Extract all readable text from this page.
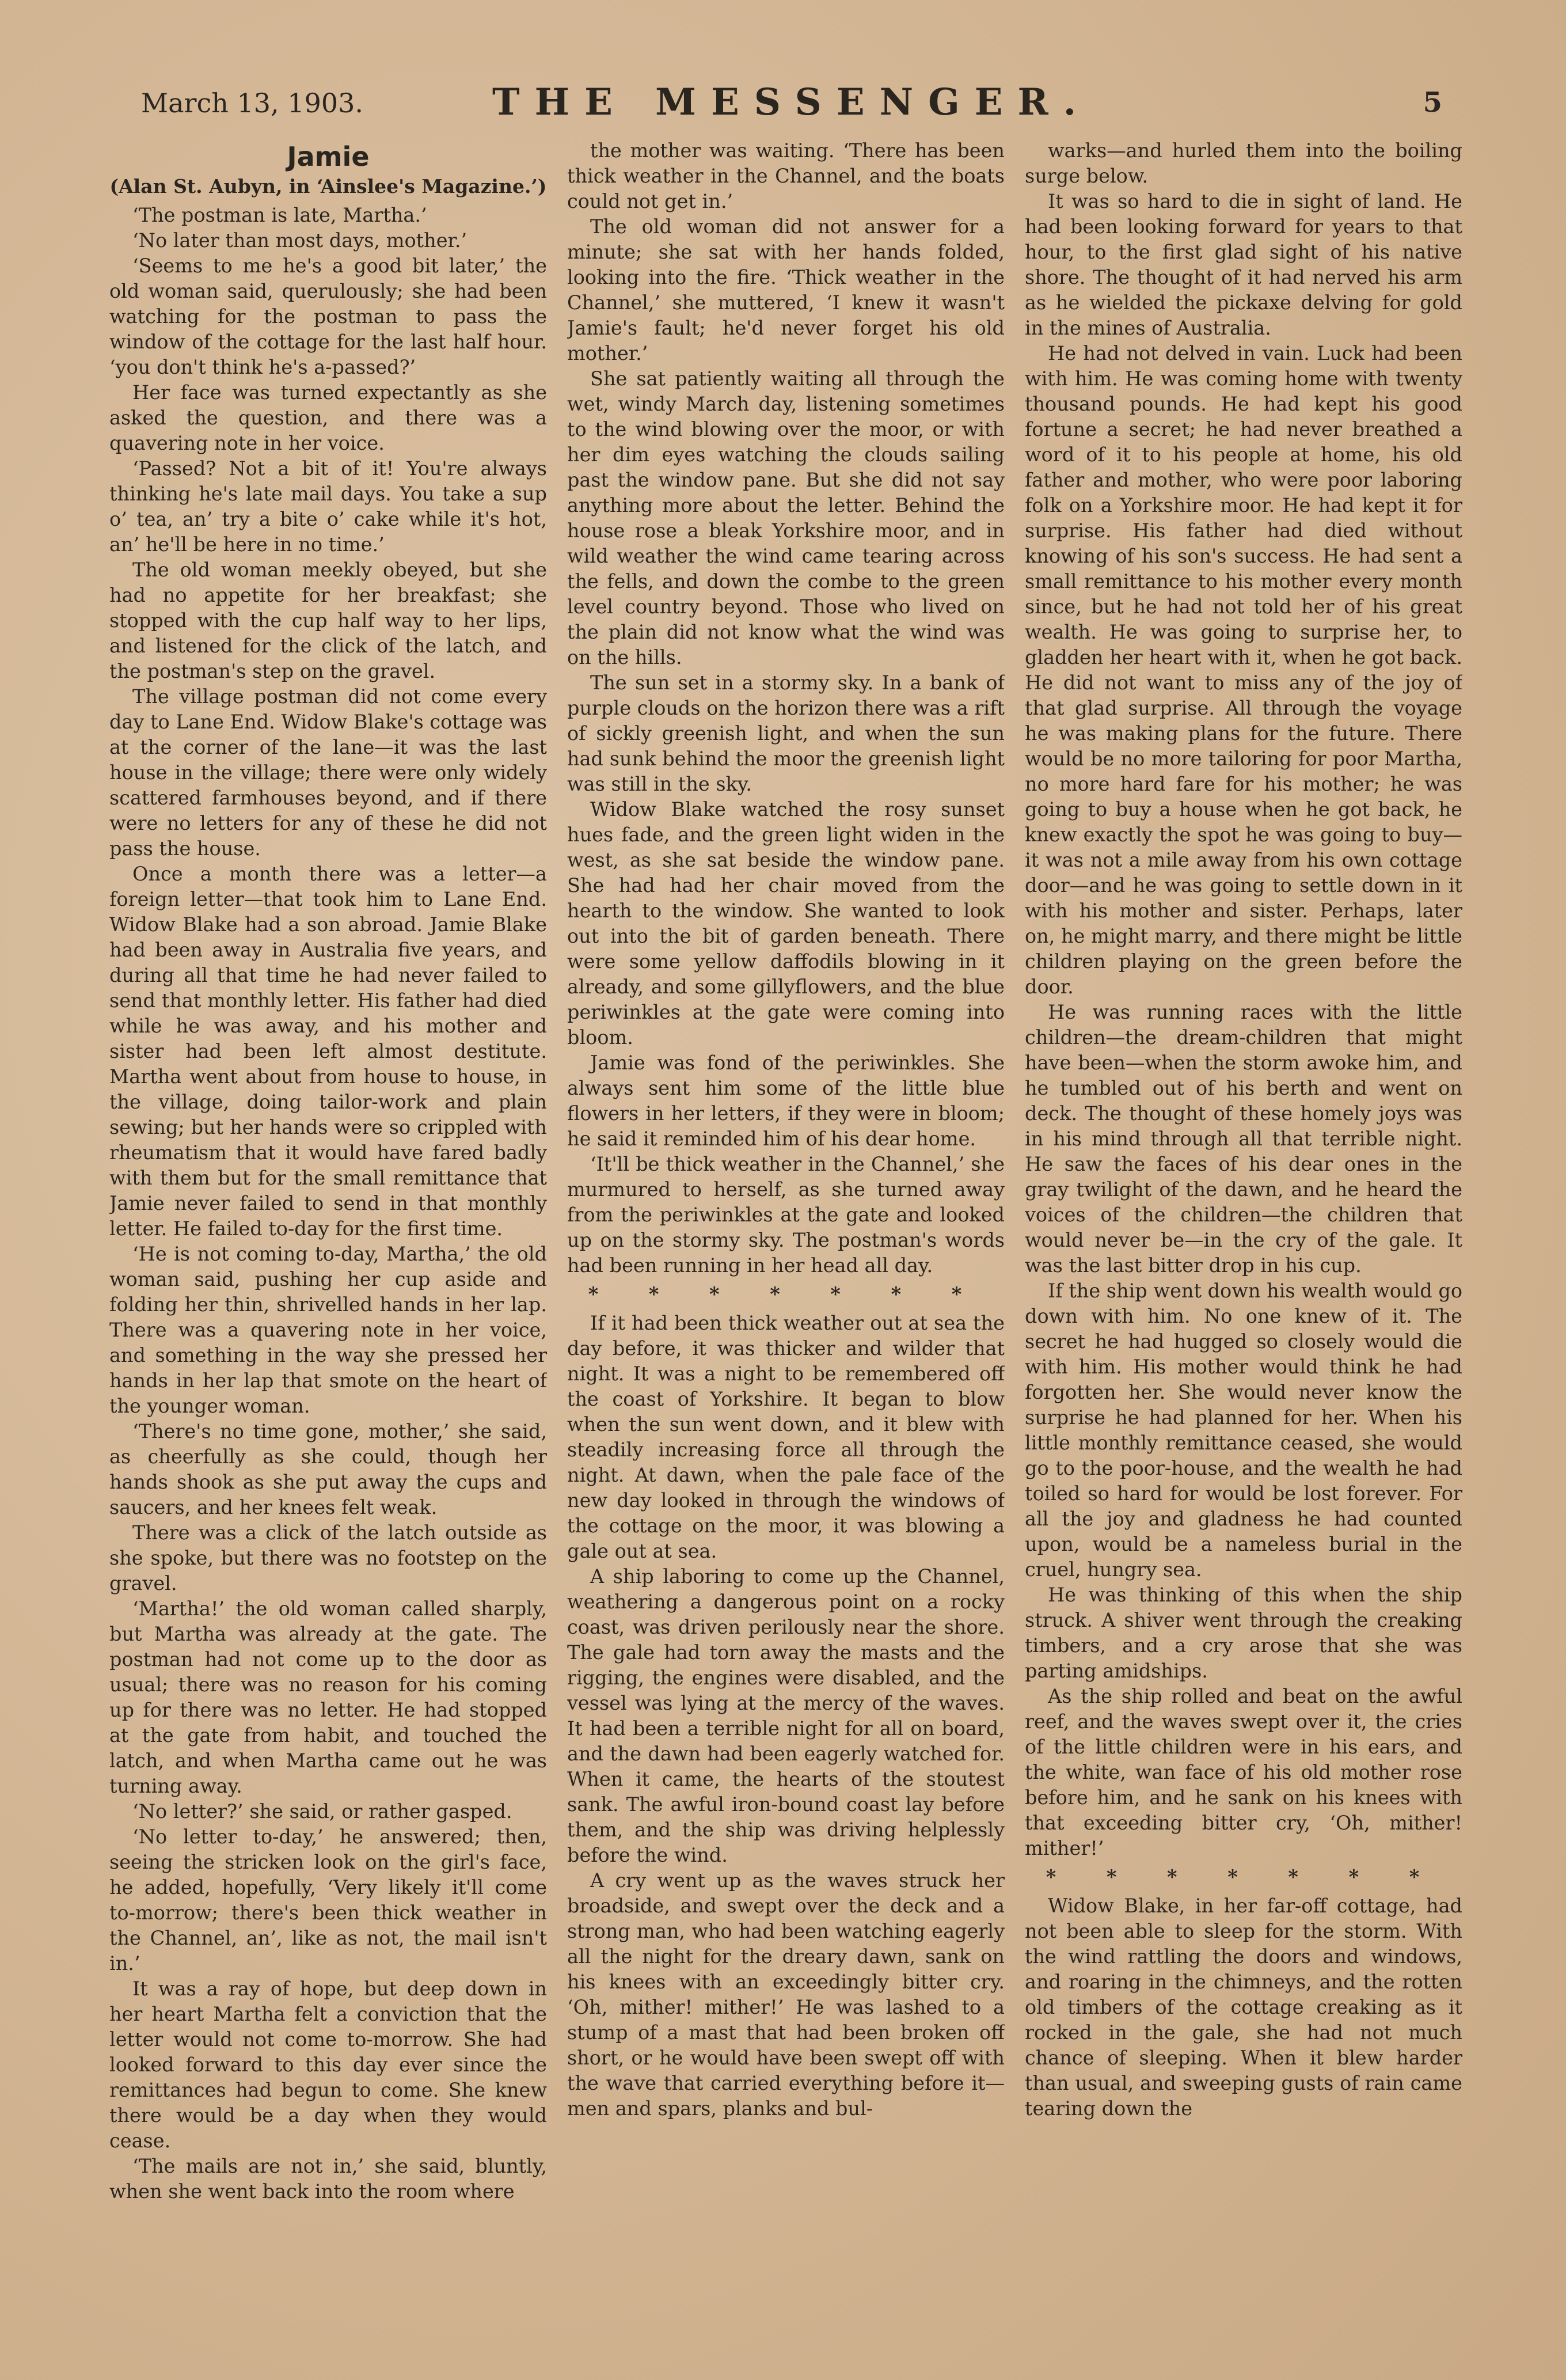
March 13, 1903.	THE MESSENGER.	5
Jamie
(Alan St. Aubyn, in ‘Ainslee's Magazine.’)

‘The postman is late, Martha.’

‘No later than most days, mother.’

‘Seems to me he's a good bit later,’ the old woman said, querulously; she had been watching for the postman to pass the window of the cottage for the last half hour. ‘you don't think he's a-passed?’

Her face was turned expectantly as she asked the question, and there was a quavering note in her voice.

‘Passed? Not a bit of it! You're always thinking he's late mail days. You take a sup o’ tea, an’ try a bite o’ cake while it's hot, an’ he'll be here in no time.’

The old woman meekly obeyed, but she had no appetite for her breakfast; she stopped with the cup half way to her lips, and listened for the click of the latch, and the postman's step on the gravel.

The village postman did not come every day to Lane End. Widow Blake's cottage was at the corner of the lane—it was the last house in the village; there were only widely scattered farmhouses beyond, and if there were no letters for any of these he did not pass the house.

Once a month there was a letter—a foreign letter—that took him to Lane End. Widow Blake had a son abroad. Jamie Blake had been away in Australia five years, and during all that time he had never failed to send that monthly letter. His father had died while he was away, and his mother and sister had been left almost destitute. Martha went about from house to house, in the village, doing tailor-work and plain sewing; but her hands were so crippled with rheumatism that it would have fared badly with them but for the small remittance that Jamie never failed to send in that monthly letter. He failed to-day for the first time.

‘He is not coming to-day, Martha,’ the old woman said, pushing her cup aside and folding her thin, shrivelled hands in her lap. There was a quavering note in her voice, and something in the way she pressed her hands in her lap that smote on the heart of the younger woman.

‘There's no time gone, mother,’ she said, as cheerfully as she could, though her hands shook as she put away the cups and saucers, and her knees felt weak.

There was a click of the latch outside as she spoke, but there was no footstep on the gravel.

‘Martha!’ the old woman called sharply, but Martha was already at the gate. The postman had not come up to the door as usual; there was no reason for his coming up for there was no letter. He had stopped at the gate from habit, and touched the latch, and when Martha came out he was turning away.

‘No letter?’ she said, or rather gasped.

‘No letter to-day,’ he answered; then, seeing the stricken look on the girl's face, he added, hopefully, ‘Very likely it'll come to-morrow; there's been thick weather in the Channel, an’, like as not, the mail isn't in.’

It was a ray of hope, but deep down in her heart Martha felt a conviction that the letter would not come to-morrow. She had looked forward to this day ever since the remittances had begun to come. She knew there would be a day when they would cease.

‘The mails are not in,’ she said, bluntly, when she went back into the room where

the mother was waiting. ‘There has been thick weather in the Channel, and the boats could not get in.’

The old woman did not answer for a minute; she sat with her hands folded, looking into the fire. ‘Thick weather in the Channel,’ she muttered, ‘I knew it wasn't Jamie's fault; he'd never forget his old mother.’

She sat patiently waiting all through the wet, windy March day, listening sometimes to the wind blowing over the moor, or with her dim eyes watching the clouds sailing past the window pane. But she did not say anything more about the letter. Behind the house rose a bleak Yorkshire moor, and in wild weather the wind came tearing across the fells, and down the combe to the green level country beyond. Those who lived on the plain did not know what the wind was on the hills.

The sun set in a stormy sky. In a bank of purple clouds on the horizon there was a rift of sickly greenish light, and when the sun had sunk behind the moor the greenish light was still in the sky.

Widow Blake watched the rosy sunset hues fade, and the green light widen in the west, as she sat beside the window pane. She had had her chair moved from the hearth to the window. She wanted to look out into the bit of garden beneath. There were some yellow daffodils blowing in it already, and some gillyflowers, and the blue periwinkles at the gate were coming into bloom.

Jamie was fond of the periwinkles. She always sent him some of the little blue flowers in her letters, if they were in bloom; he said it reminded him of his dear home.

‘It'll be thick weather in the Channel,’ she murmured to herself, as she turned away from the periwinkles at the gate and looked up on the stormy sky. The postman's words had been running in her head all day.

* * * * * * *

If it had been thick weather out at sea the day before, it was thicker and wilder that night. It was a night to be remembered off the coast of Yorkshire. It began to blow when the sun went down, and it blew with steadily increasing force all through the night. At dawn, when the pale face of the new day looked in through the windows of the cottage on the moor, it was blowing a gale out at sea.

A ship laboring to come up the Channel, weathering a dangerous point on a rocky coast, was driven perilously near the shore. The gale had torn away the masts and the rigging, the engines were disabled, and the vessel was lying at the mercy of the waves. It had been a terrible night for all on board, and the dawn had been eagerly watched for. When it came, the hearts of the stoutest sank. The awful iron-bound coast lay before them, and the ship was driving helplessly before the wind.

A cry went up as the waves struck her broadside, and swept over the deck and a strong man, who had been watching eagerly all the night for the dreary dawn, sank on his knees with an exceedingly bitter cry. ‘Oh, mither! mither!’ He was lashed to a stump of a mast that had been broken off short, or he would have been swept off with the wave that carried everything before it—men and spars, planks and bul-

warks—and hurled them into the boiling surge below.

It was so hard to die in sight of land. He had been looking forward for years to that hour, to the first glad sight of his native shore. The thought of it had nerved his arm as he wielded the pickaxe delving for gold in the mines of Australia.

He had not delved in vain. Luck had been with him. He was coming home with twenty thousand pounds. He had kept his good fortune a secret; he had never breathed a word of it to his people at home, his old father and mother, who were poor laboring folk on a Yorkshire moor. He had kept it for surprise. His father had died without knowing of his son's success. He had sent a small remittance to his mother every month since, but he had not told her of his great wealth. He was going to surprise her, to gladden her heart with it, when he got back. He did not want to miss any of the joy of that glad surprise. All through the voyage he was making plans for the future. There would be no more tailoring for poor Martha, no more hard fare for his mother; he was going to buy a house when he got back, he knew exactly the spot he was going to buy—it was not a mile away from his own cottage door—and he was going to settle down in it with his mother and sister. Perhaps, later on, he might marry, and there might be little children playing on the green before the door.

He was running races with the little children—the dream-children that might have been—when the storm awoke him, and he tumbled out of his berth and went on deck. The thought of these homely joys was in his mind through all that terrible night. He saw the faces of his dear ones in the gray twilight of the dawn, and he heard the voices of the children—the children that would never be—in the cry of the gale. It was the last bitter drop in his cup.

If the ship went down his wealth would go down with him. No one knew of it. The secret he had hugged so closely would die with him. His mother would think he had forgotten her. She would never know the surprise he had planned for her. When his little monthly remittance ceased, she would go to the poor-house, and the wealth he had toiled so hard for would be lost forever. For all the joy and gladness he had counted upon, would be a nameless burial in the cruel, hungry sea.

He was thinking of this when the ship struck. A shiver went through the creaking timbers, and a cry arose that she was parting amidships.

As the ship rolled and beat on the awful reef, and the waves swept over it, the cries of the little children were in his ears, and the white, wan face of his old mother rose before him, and he sank on his knees with that exceeding bitter cry, ‘Oh, mither! mither!’

* * * * * * *

Widow Blake, in her far-off cottage, had not been able to sleep for the storm. With the wind rattling the doors and windows, and roaring in the chimneys, and the rotten old timbers of the cottage creaking as it rocked in the gale, she had not much chance of sleeping. When it blew harder than usual, and sweeping gusts of rain came tearing down the
